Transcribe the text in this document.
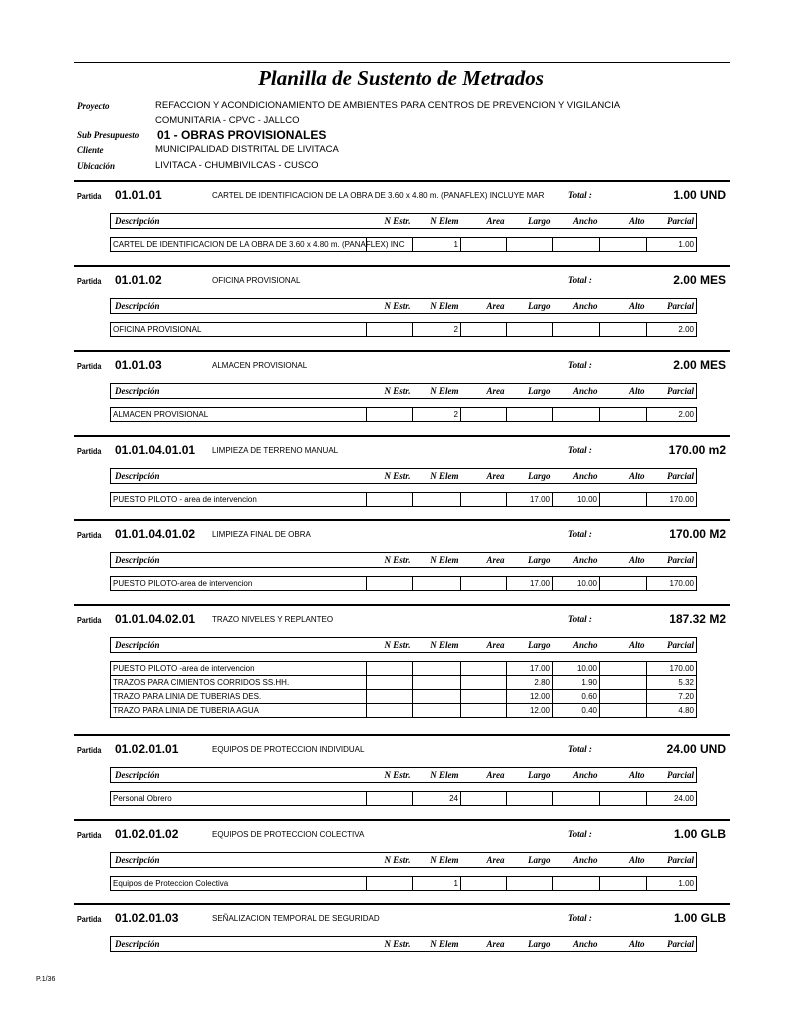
Planilla de Sustento de Metrados
Proyecto	REFACCION Y ACONDICIONAMIENTO DE AMBIENTES PARA CENTROS DE PREVENCION Y VIGILANCIA
COMUNITARIA - CPVC - JALLCO
Sub Presupuesto 01 - OBRAS PROVISIONALES
Cliente	MUNICIPALIDAD DISTRITAL DE LIVITACA
Ubicación	LIVITACA - CHUMBIVILCAS - CUSCO
Partida 01.01.01	CARTEL DE IDENTIFICACION DE LA OBRA DE 3.60 x 4.80 m. (PANAFLEX) INCLUYE MAR	Total :	1.00 UND
Descripción	N Estr.	N Elem	Area	Largo	Ancho	Alto	Parcial

CARTEL DE IDENTIFICACION DE LA OBRA DE 3.60 x 4.80 m. (PANAFLEX) INC		1					1.00
Partida 01.01.02	OFICINA PROVISIONAL	Total :	2.00 MES
Descripción	N Estr.	N Elem	Area	Largo	Ancho	Alto	Parcial

OFICINA PROVISIONAL		2					2.00
Partida 01.01.03	ALMACEN PROVISIONAL	Total :	2.00 MES
Descripción	N Estr.	N Elem	Area	Largo	Ancho	Alto	Parcial

ALMACEN PROVISIONAL		2					2.00
Partida 01.01.04.01.01 LIMPIEZA DE TERRENO MANUAL	Total :	170.00 m2
Descripción	N Estr.	N Elem	Area	Largo	Ancho	Alto	Parcial

PUESTO PILOTO - area de intervencion				17.00	10.00		170.00
Partida 01.01.04.01.02 LIMPIEZA FINAL DE OBRA	Total :	170.00 M2
Descripción	N Estr.	N Elem	Area	Largo	Ancho	Alto	Parcial

PUESTO PILOTO-area de intervencion				17.00	10.00		170.00
Partida 01.01.04.02.01 TRAZO NIVELES Y REPLANTEO	Total :	187.32 M2
Descripción	N Estr.	N Elem	Area	Largo	Ancho	Alto	Parcial

PUESTO PILOTO -area de intervencion				17.00	10.00		170.00
TRAZOS PARA CIMIENTOS CORRIDOS SS.HH.				2.80	1.90		5.32
TRAZO PARA LINIA DE TUBERIAS DES.				12.00	0.60		7.20
TRAZO PARA LINIA DE TUBERIA AGUA				12.00	0.40		4.80
Partida 01.02.01.01	EQUIPOS DE PROTECCION INDIVIDUAL	Total :	24.00 UND
Descripción	N Estr.	N Elem	Area	Largo	Ancho	Alto	Parcial

Personal Obrero		24					24.00
Partida 01.02.01.02	EQUIPOS DE PROTECCION COLECTIVA	Total :	1.00 GLB
Descripción	N Estr.	N Elem	Area	Largo	Ancho	Alto	Parcial

Equipos de Proteccion Colectiva		1					1.00
Partida 01.02.01.03	SEÑALIZACION TEMPORAL DE SEGURIDAD	Total :	1.00 GLB
Descripción	N Estr.	N Elem	Area	Largo	Ancho	Alto	Parcial
P.1/36
